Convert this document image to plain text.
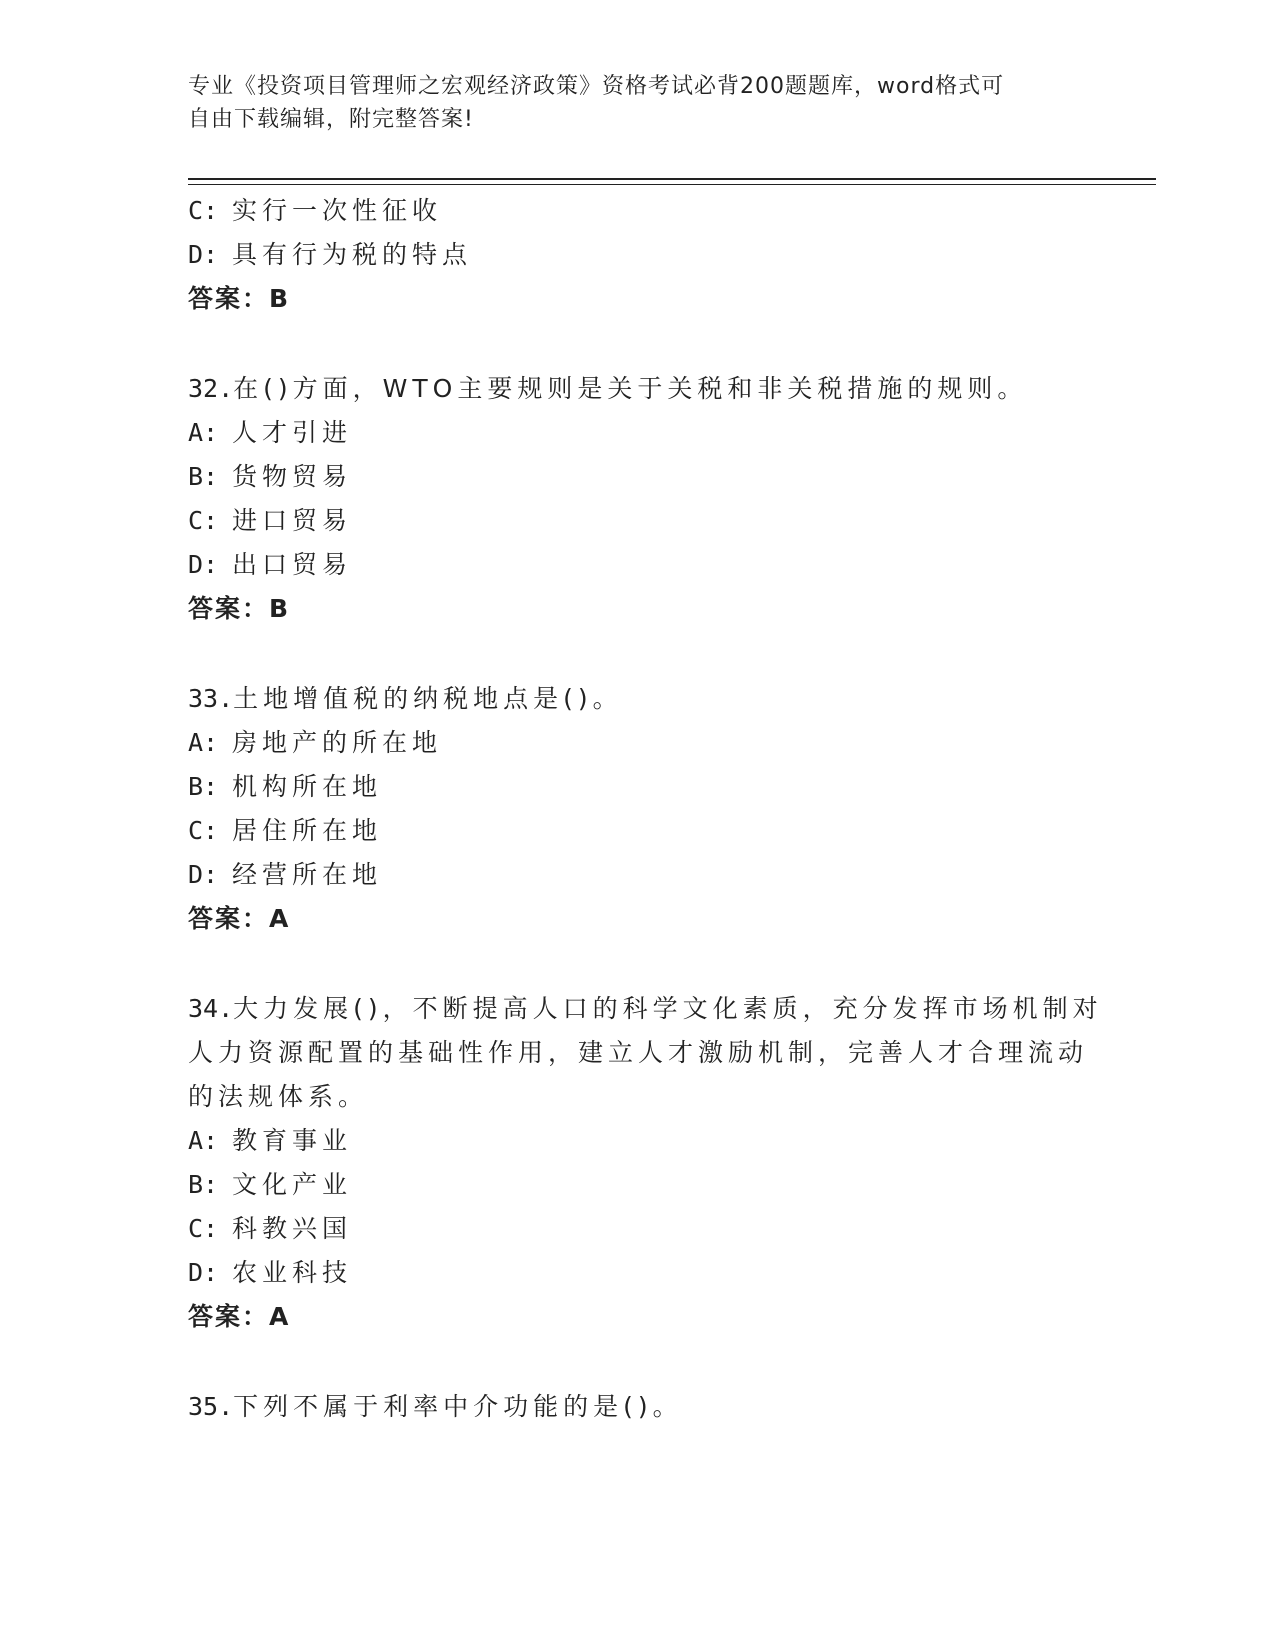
专业《投资项目管理师之宏观经济政策》资格考试必背200题题库，word格式可

自由下载编辑，附完整答案!

C: 实行一次性征收

D: 具有行为税的特点

答案：B

32.在()方面，WTO主要规则是关于关税和非关税措施的规则。

A: 人才引进

B: 货物贸易

C: 进口贸易

D: 出口贸易

答案：B

33.土地增值税的纳税地点是()。

A: 房地产的所在地

B: 机构所在地

C: 居住所在地

D: 经营所在地

答案：A

34.大力发展()，不断提高人口的科学文化素质，充分发挥市场机制对

人力资源配置的基础性作用，建立人才激励机制，完善人才合理流动

的法规体系。

A: 教育事业

B: 文化产业

C: 科教兴国

D: 农业科技

答案：A

35.下列不属于利率中介功能的是()。
